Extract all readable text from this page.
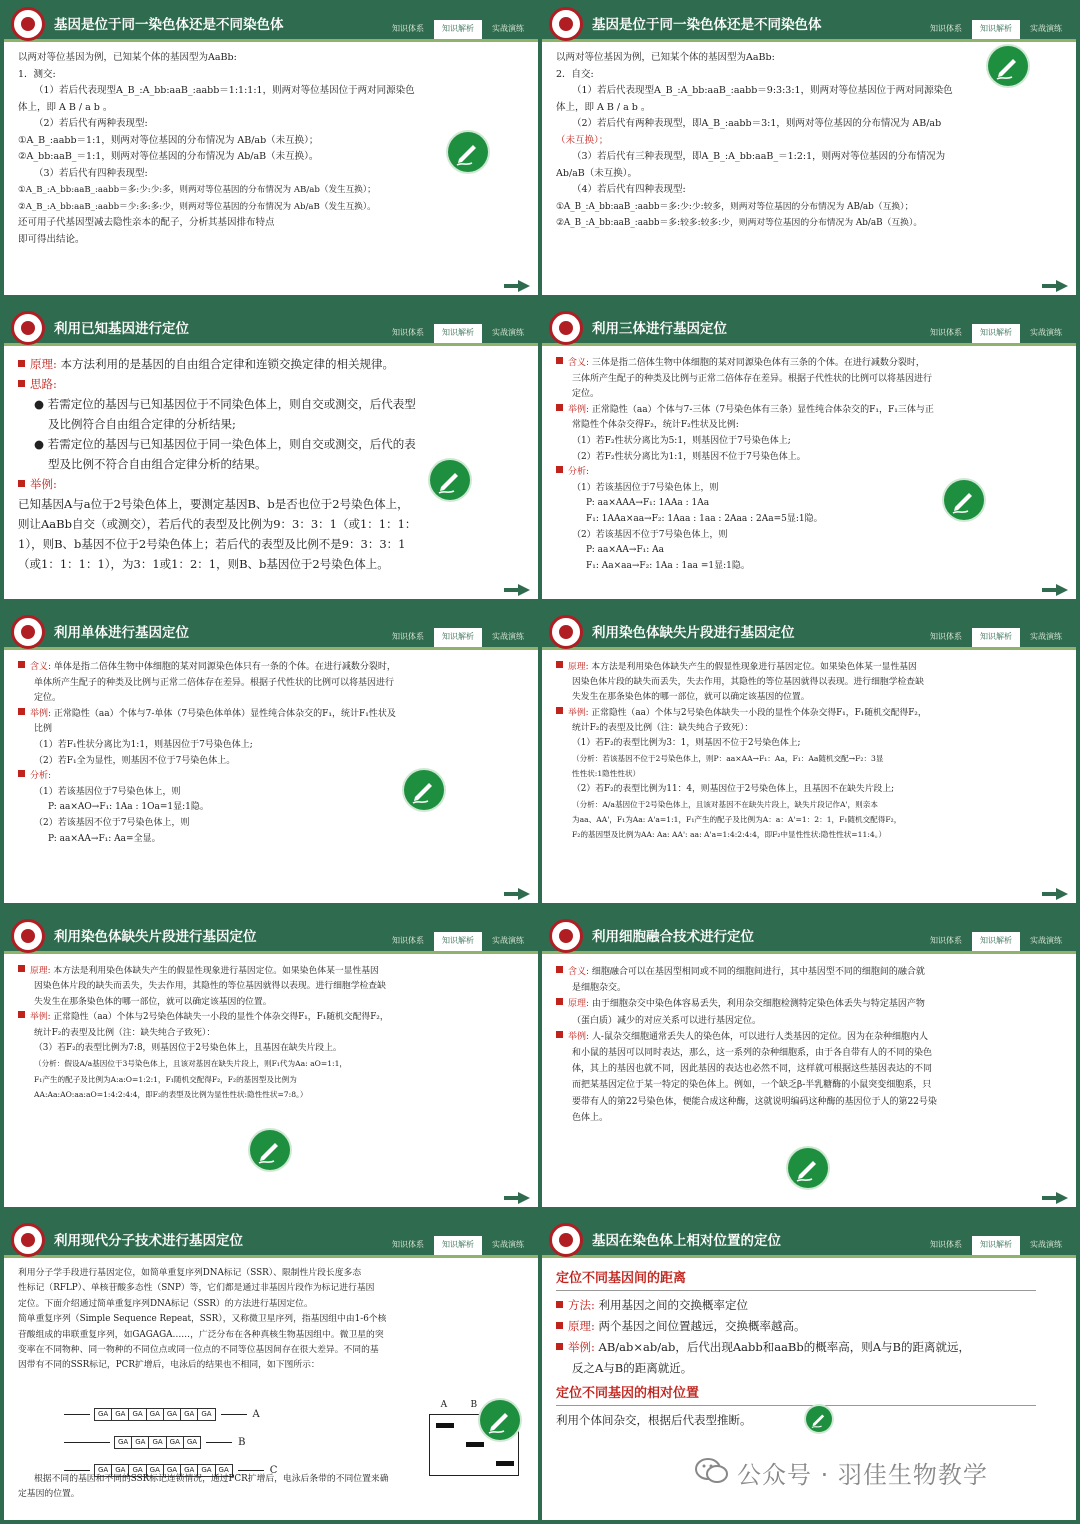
基因是位于同一染色体还是不同染色体	知识体系	知识解析	实战演练
以两对等位基因为例，已知某个体的基因型为AaBb:
1．测交:
（1）若后代表现型A_B_:A_bb:aaB_:aabb＝1:1:1:1，则两对等位基因位于两对同源染色
体上，即 A B / a b 。
（2）若后代有两种表现型:
①A_B_:aabb＝1:1，则两对等位基因的分布情况为 AB/ab（未互换）；
②A_bb:aaB_＝1:1，则两对等位基因的分布情况为 Ab/aB（未互换）。
（3）若后代有四种表现型:
①A_B_:A_bb:aaB_:aabb＝多:少:少:多，则两对等位基因的分布情况为 AB/ab（发生互换）；
②A_B_:A_bb:aaB_:aabb＝少:多:多:少，则两对等位基因的分布情况为 Ab/aB（发生互换）。
还可用子代基因型减去隐性亲本的配子，分析其基因排布特点
即可得出结论。
基因是位于同一染色体还是不同染色体	知识体系	知识解析	实战演练
以两对等位基因为例，已知某个体的基因型为AaBb:
2．自交:
（1）若后代表现型A_B_:A_bb:aaB_:aabb＝9:3:3:1，则两对等位基因位于两对同源染色
体上，即 A B / a b 。
（2）若后代有两种表现型，即A_B_:aabb＝3:1，则两对等位基因的分布情况为 AB/ab
（未互换）；
（3）若后代有三种表现型，即A_B_:A_bb:aaB_＝1:2:1，则两对等位基因的分布情况为
Ab/aB（未互换）。
（4）若后代有四种表现型:
①A_B_:A_bb:aaB_:aabb＝多:少:少:较多，则两对等位基因的分布情况为 AB/ab（互换）；
②A_B_:A_bb:aaB_:aabb＝多:较多:较多:少，则两对等位基因的分布情况为 Ab/aB（互换）。
利用已知基因进行定位	知识体系	知识解析	实战演练
原理: 本方法利用的是基因的自由组合定律和连锁交换定律的相关规律。
思路:
● 若需定位的基因与已知基因位于不同染色体上，则自交或测交，后代表型
及比例符合自由组合定律的分析结果;
● 若需定位的基因与已知基因位于同一染色体上，则自交或测交，后代的表
型及比例不符合自由组合定律分析的结果。
举例:
已知基因A与a位于2号染色体上，要测定基因B、b是否也位于2号染色体上，
则让AaBb自交（或测交），若后代的表型及比例为9：3：3：1（或1：1：1：
1），则B、b基因不位于2号染色体上；若后代的表型及比例不是9：3：3：1
（或1：1：1：1），为3：1或1：2：1，则B、b基因位于2号染色体上。
利用三体进行基因定位	知识体系	知识解析	实战演练
含义: 三体是指二倍体生物中体细胞的某对同源染色体有三条的个体。在进行减数分裂时，
三体所产生配子的种类及比例与正常二倍体存在差异。根据子代性状的比例可以将基因进行
定位。
举例: 正常隐性（aa）个体与7-三体（7号染色体有三条）显性纯合体杂交的F₁，F₁三体与正
常隐性个体杂交得F₂，统计F₂性状及比例:
（1）若F₂性状分离比为5:1，则基因位于7号染色体上;
（2）若F₂性状分离比为1:1，则基因不位于7号染色体上。
分析:
（1）若该基因位于7号染色体上，则
P: aa×AAA→F₁: 1AAa : 1Aa
F₁: 1AAa×aa→F₂: 1Aaa : 1aa : 2Aaa : 2Aa=5显:1隐。
（2）若该基因不位于7号染色体上，则
P: aa×AA→F₁: Aa
F₁: Aa×aa→F₂: 1Aa : 1aa =1显:1隐。
利用单体进行基因定位	知识体系	知识解析	实战演练
含义: 单体是指二倍体生物中体细胞的某对同源染色体只有一条的个体。在进行减数分裂时，
单体所产生配子的种类及比例与正常二倍体存在差异。根据子代性状的比例可以将基因进行
定位。
举例: 正常隐性（aa）个体与7-单体（7号染色体单体）显性纯合体杂交的F₁，统计F₁性状及
比例
（1）若F₁性状分离比为1:1，则基因位于7号染色体上;
（2）若F₁全为显性，则基因不位于7号染色体上。
分析:
（1）若该基因位于7号染色体上，则
P: aa×AO→F₁: 1Aa : 1Oa=1显:1隐。
（2）若该基因不位于7号染色体上，则
P: aa×AA→F₁: Aa=全显。
利用染色体缺失片段进行基因定位	知识体系	知识解析	实战演练
原理: 本方法是利用染色体缺失产生的假显性现象进行基因定位。如果染色体某一显性基因
因染色体片段的缺失而丢失，失去作用，其隐性的等位基因就得以表现。进行细胞学检查缺
失发生在那条染色体的哪一部位，就可以确定该基因的位置。
举例: 正常隐性（aa）个体与2号染色体缺失一小段的显性个体杂交得F₁，F₁随机交配得F₂，
统计F₂的表型及比例（注：缺失纯合子致死）：
（1）若F₂的表型比例为3：1，则基因不位于2号染色体上;
（分析：若该基因不位于2号染色体上，则P：aa×AA→F₁：Aa，F₁：Aa随机交配→F₂：3显
性性状:1隐性性状）
（2）若F₂的表型比例为11：4，则基因位于2号染色体上，且基因不在缺失片段上;
（分析：A/a基因位于2号染色体上，且该对基因不在缺失片段上，缺失片段记作A'，则亲本
为aa、AA'，F₁为Aa: A'a=1:1，F₁产生的配子及比例为A：a：A'=1：2：1，F₁随机交配得F₂，
F₂的基因型及比例为AA: Aa: AA': aa: A'a=1:4:2:4:4，即F₂中显性性状:隐性性状=11:4。）
利用染色体缺失片段进行基因定位	知识体系	知识解析	实战演练
原理: 本方法是利用染色体缺失产生的假显性现象进行基因定位。如果染色体某一显性基因
因染色体片段的缺失而丢失，失去作用，其隐性的等位基因就得以表现。进行细胞学检查缺
失发生在那条染色体的哪一部位，就可以确定该基因的位置。
举例: 正常隐性（aa）个体与2号染色体缺失一小段的显性个体杂交得F₁，F₁随机交配得F₂，
统计F₂的表型及比例（注：缺失纯合子致死）：
（3）若F₂的表型比例为7:8，则基因位于2号染色体上，且基因在缺失片段上。
（分析：假设A/a基因位于3号染色体上，且该对基因在缺失片段上，则F₁代为Aa: aO=1:1，
F₁产生的配子及比例为A:a:O=1:2:1，F₁随机交配得F₂，F₂的基因型及比例为
AA:Aa:AO:aa:aO=1:4:2:4:4，即F₂的表型及比例为显性性状:隐性性状=7:8。）
利用细胞融合技术进行定位	知识体系	知识解析	实战演练
含义: 细胞融合可以在基因型相同或不同的细胞间进行，其中基因型不同的细胞间的融合就
是细胞杂交。
原理: 由于细胞杂交中染色体容易丢失，利用杂交细胞检测特定染色体丢失与特定基因产物
（蛋白质）减少的对应关系可以进行基因定位。
举例: 人-鼠杂交细胞通常丢失人的染色体，可以进行人类基因的定位。因为在杂种细胞内人
和小鼠的基因可以同时表达，那么，这一系列的杂种细胞系，由于各自带有人的不同的染色
体，其上的基因也就不同，因此基因的表达也必然不同，这样就可根据这些基因表达的不同
而把某基因定位于某一特定的染色体上。例如，一个缺乏β-半乳糖酶的小鼠突变细胞系，只
要带有人的第22号染色体，便能合成这种酶，这就说明编码这种酶的基因位于人的第22号染
色体上。
利用现代分子技术进行基因定位	知识体系	知识解析	实战演练
利用分子学手段进行基因定位，如简单重复序列DNA标记（SSR）、限制性片段长度多态
性标记（RFLP）、单核苷酸多态性（SNP）等，它们都是通过非基因片段作为标记进行基因
定位。下面介绍通过简单重复序列DNA标记（SSR）的方法进行基因定位。
简单重复序列（Simple Sequence Repeat，SSR），又称微卫星序列，指基因组中由1-6个核
苷酸组成的串联重复序列，如GAGAGA……，广泛分布在各种真核生物基因组中。微卫星的突
变率在不同物种、同一物种的不同位点或同一位点的不同等位基因间存在很大差异。不同的基
因带有不同的SSR标记，PCR扩增后，电泳后的结果也不相同，如下图所示：
GA	GA	GA	GA	GA	GA	GA	A
GA	GA	GA	GA	GA	B
GA	GA	GA	GA	GA	GA	GA	GA	C
A	B
根据不同的基因和不同的SSR标记连锁情况，通过PCR扩增后，电泳后条带的不同位置来确
定基因的位置。
基因在染色体上相对位置的定位	知识体系	知识解析	实战演练
定位不同基因间的距离
方法: 利用基因之间的交换概率定位
原理: 两个基因之间位置越远，交换概率越高。
举例: AB/ab×ab/ab，后代出现Aabb和aaBb的概率高，则A与B的距离就远，
反之A与B的距离就近。
定位不同基因的相对位置
利用个体间杂交，根据后代表型推断。
公众号 · 羽佳生物教学
